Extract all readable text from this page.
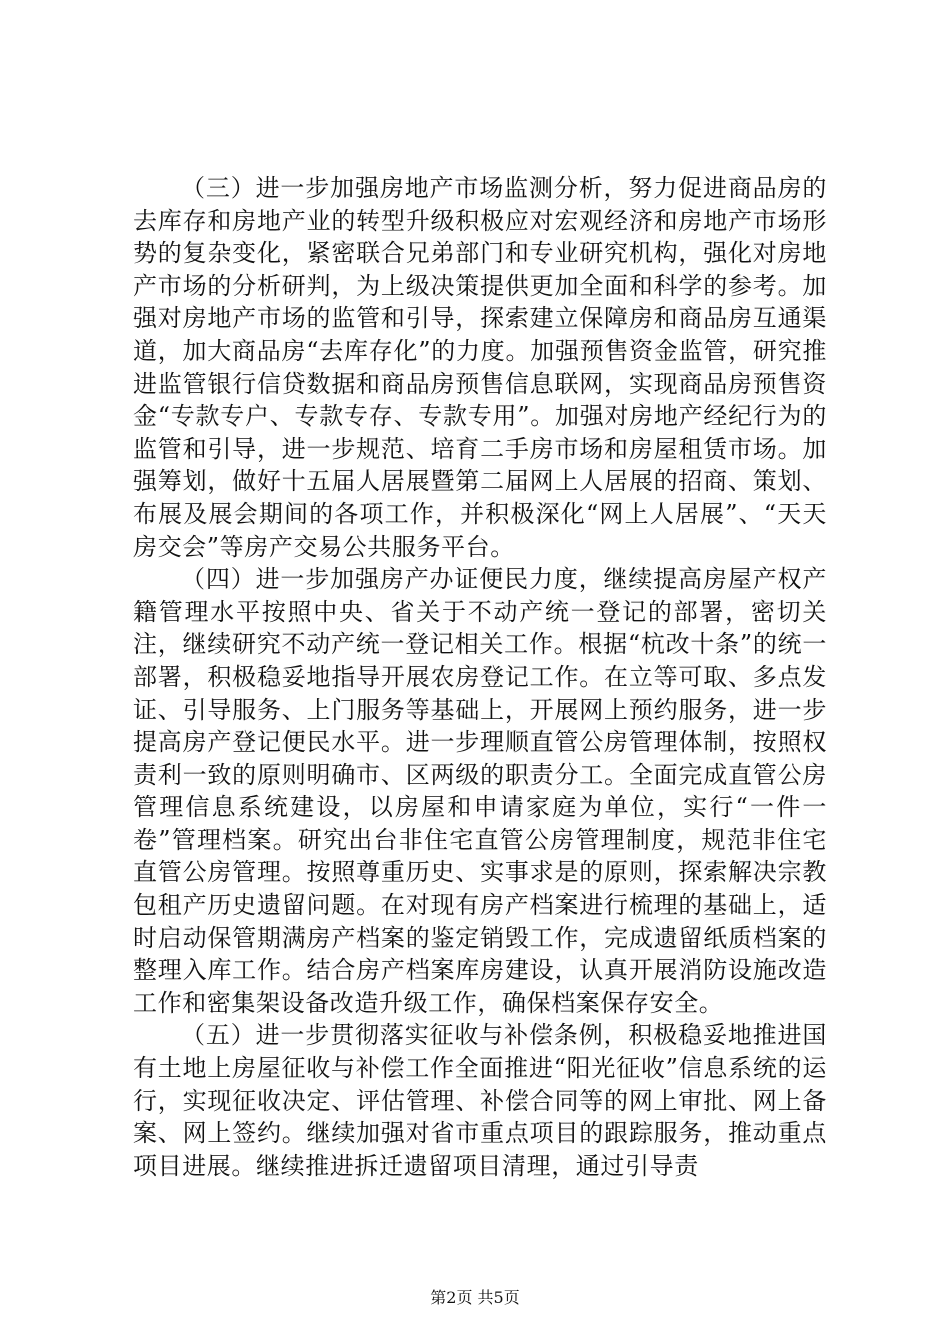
（三）进一步加强房地产市场监测分析，努力促进商品房的去库存和房地产业的转型升级积极应对宏观经济和房地产市场形势的复杂变化，紧密联合兄弟部门和专业研究机构，强化对房地产市场的分析研判，为上级决策提供更加全面和科学的参考。加强对房地产市场的监管和引导，探索建立保障房和商品房互通渠道，加大商品房“去库存化”的力度。加强预售资金监管，研究推进监管银行信贷数据和商品房预售信息联网，实现商品房预售资金“专款专户、专款专存、专款专用”。加强对房地产经纪行为的监管和引导，进一步规范、培育二手房市场和房屋租赁市场。加强筹划，做好十五届人居展暨第二届网上人居展的招商、策划、布展及展会期间的各项工作，并积极深化“网上人居展”、“天天房交会”等房产交易公共服务平台。

（四）进一步加强房产办证便民力度，继续提高房屋产权产籍管理水平按照中央、省关于不动产统一登记的部署，密切关注，继续研究不动产统一登记相关工作。根据“杭改十条”的统一部署，积极稳妥地指导开展农房登记工作。在立等可取、多点发证、引导服务、上门服务等基础上，开展网上预约服务，进一步提高房产登记便民水平。进一步理顺直管公房管理体制，按照权责利一致的原则明确市、区两级的职责分工。全面完成直管公房管理信息系统建设，以房屋和申请家庭为单位，实行“一件一卷”管理档案。研究出台非住宅直管公房管理制度，规范非住宅直管公房管理。按照尊重历史、实事求是的原则，探索解决宗教包租产历史遗留问题。在对现有房产档案进行梳理的基础上，适时启动保管期满房产档案的鉴定销毁工作，完成遗留纸质档案的整理入库工作。结合房产档案库房建设，认真开展消防设施改造工作和密集架设备改造升级工作，确保档案保存安全。

（五）进一步贯彻落实征收与补偿条例，积极稳妥地推进国有土地上房屋征收与补偿工作全面推进“阳光征收”信息系统的运行，实现征收决定、评估管理、补偿合同等的网上审批、网上备案、网上签约。继续加强对省市重点项目的跟踪服务，推动重点项目进展。继续推进拆迁遗留项目清理，通过引导责

第2页 共5页
